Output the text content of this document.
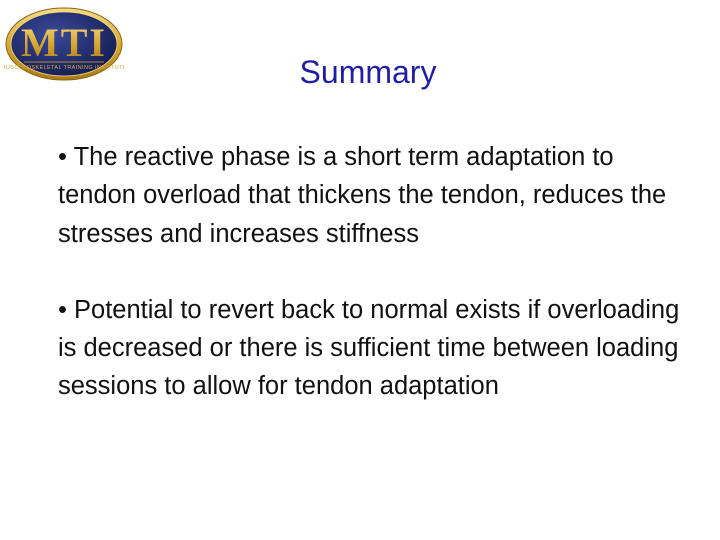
MTI
MUSCULOSKELETAL TRAINING INSTITUTE	Summary
• The reactive phase is a short term adaptation to tendon overload that thickens the tendon, reduces the stresses and increases stiffness
• Potential to revert back to normal exists if overloading is decreased or there is sufficient time between loading sessions to allow for tendon adaptation
